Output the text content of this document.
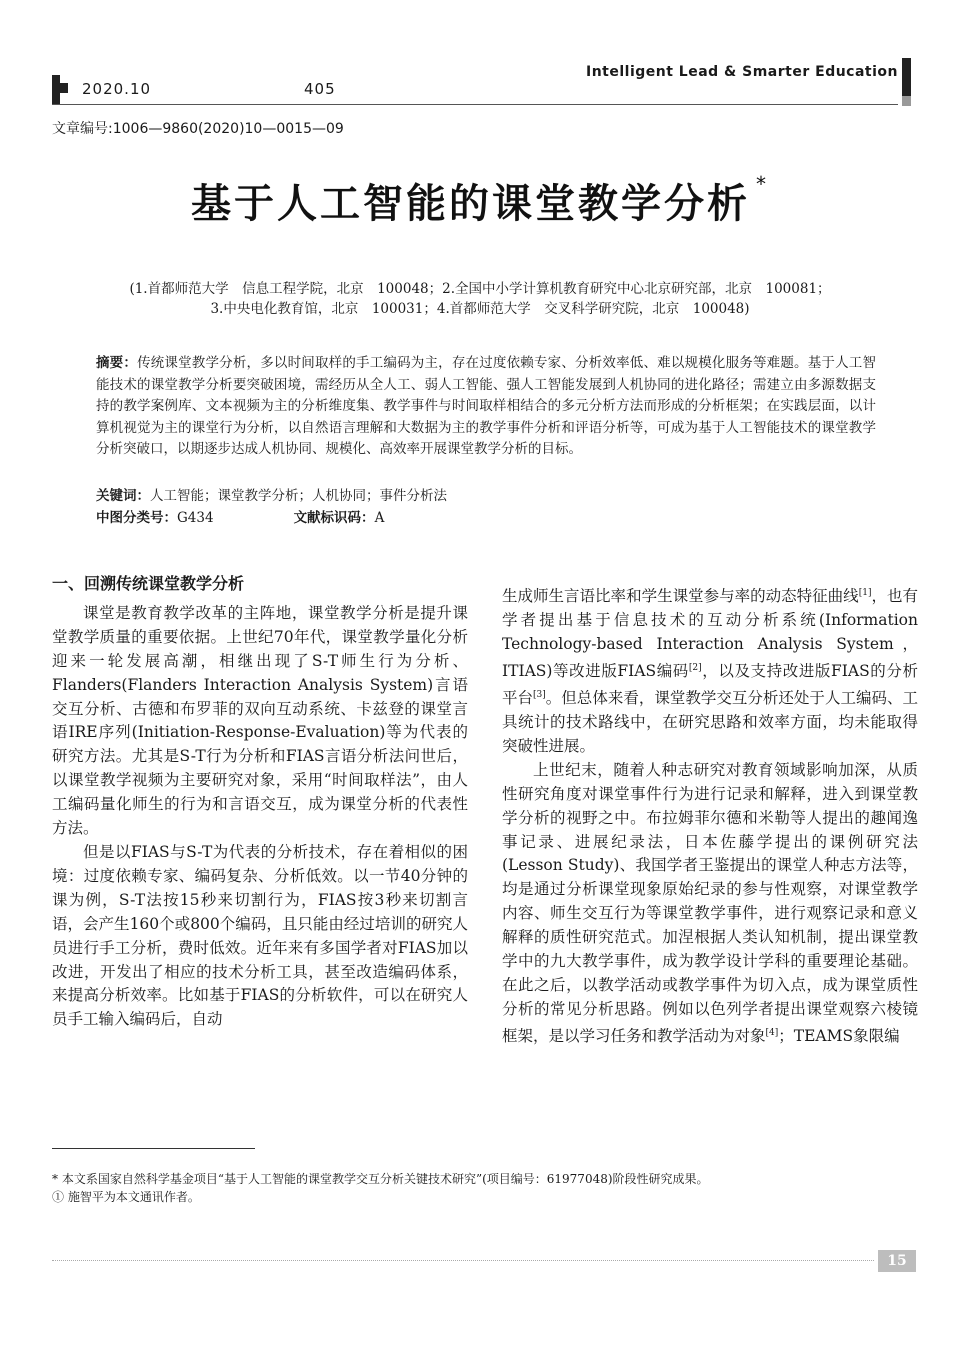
2020.10	405
Intelligent Lead & Smarter Education
文章编号:1006—9860(2020)10—0015—09
基于人工智能的课堂教学分析 *
(1.首都师范大学　信息工程学院，北京　100048；2.全国中小学计算机教育研究中心北京研究部，北京　100081；
3.中央电化教育馆，北京　100031；4.首都师范大学　交叉科学研究院，北京　100048)
摘要：传统课堂教学分析，多以时间取样的手工编码为主，存在过度依赖专家、分析效率低、难以规模化服务等难题。基于人工智能技术的课堂教学分析要突破困境，需经历从全人工、弱人工智能、强人工智能发展到人机协同的进化路径；需建立由多源数据支持的教学案例库、文本视频为主的分析维度集、教学事件与时间取样相结合的多元分析方法而形成的分析框架；在实践层面，以计算机视觉为主的课堂行为分析，以自然语言理解和大数据为主的教学事件分析和评语分析等，可成为基于人工智能技术的课堂教学分析突破口，以期逐步达成人机协同、规模化、高效率开展课堂教学分析的目标。
关键词：人工智能；课堂教学分析；人机协同；事件分析法
中图分类号：G434	文献标识码：A

一、回溯传统课堂教学分析

课堂是教育教学改革的主阵地，课堂教学分析是提升课堂教学质量的重要依据。上世纪70年代，课堂教学量化分析迎来一轮发展高潮，相继出现了S-T师生行为分析、Flanders(Flanders Interaction Analysis System)言语交互分析、古德和布罗菲的双向互动系统、卡兹登的课堂言语IRE序列(Initiation-Response-Evaluation)等为代表的研究方法。尤其是S-T行为分析和FIAS言语分析法问世后，以课堂教学视频为主要研究对象，采用“时间取样法”，由人工编码量化师生的行为和言语交互，成为课堂分析的代表性方法。

但是以FIAS与S-T为代表的分析技术，存在着相似的困境：过度依赖专家、编码复杂、分析低效。以一节40分钟的课为例，S-T法按15秒来切割行为，FIAS按3秒来切割言语，会产生160个或800个编码，且只能由经过培训的研究人员进行手工分析，费时低效。近年来有多国学者对FIAS加以改进，开发出了相应的技术分析工具，甚至改造编码体系，来提高分析效率。比如基于FIAS的分析软件，可以在研究人员手工输入编码后，自动

生成师生言语比率和学生课堂参与率的动态特征曲线[1]，也有学者提出基于信息技术的互动分析系统(Information Technology-based Interaction Analysis System，ITIAS)等改进版FIAS编码[2]，以及支持改进版FIAS的分析平台[3]。但总体来看，课堂教学交互分析还处于人工编码、工具统计的技术路线中，在研究思路和效率方面，均未能取得突破性进展。

上世纪末，随着人种志研究对教育领域影响加深，从质性研究角度对课堂事件行为进行记录和解释，进入到课堂教学分析的视野之中。布拉姆菲尔德和米勒等人提出的趣闻逸事记录、进展纪录法，日本佐藤学提出的课例研究法(Lesson Study)、我国学者王鉴提出的课堂人种志方法等，均是通过分析课堂现象原始纪录的参与性观察，对课堂教学内容、师生交互行为等课堂教学事件，进行观察记录和意义解释的质性研究范式。加涅根据人类认知机制，提出课堂教学中的九大教学事件，成为教学设计学科的重要理论基础。在此之后，以教学活动或教学事件为切入点，成为课堂质性分析的常见分析思路。例如以色列学者提出课堂观察六棱镜框架，是以学习任务和教学活动为对象[4]；TEAMS象限编

* 本文系国家自然科学基金项目“基于人工智能的课堂教学交互分析关键技术研究”(项目编号：61977048)阶段性研究成果。
① 施智平为本文通讯作者。
15
